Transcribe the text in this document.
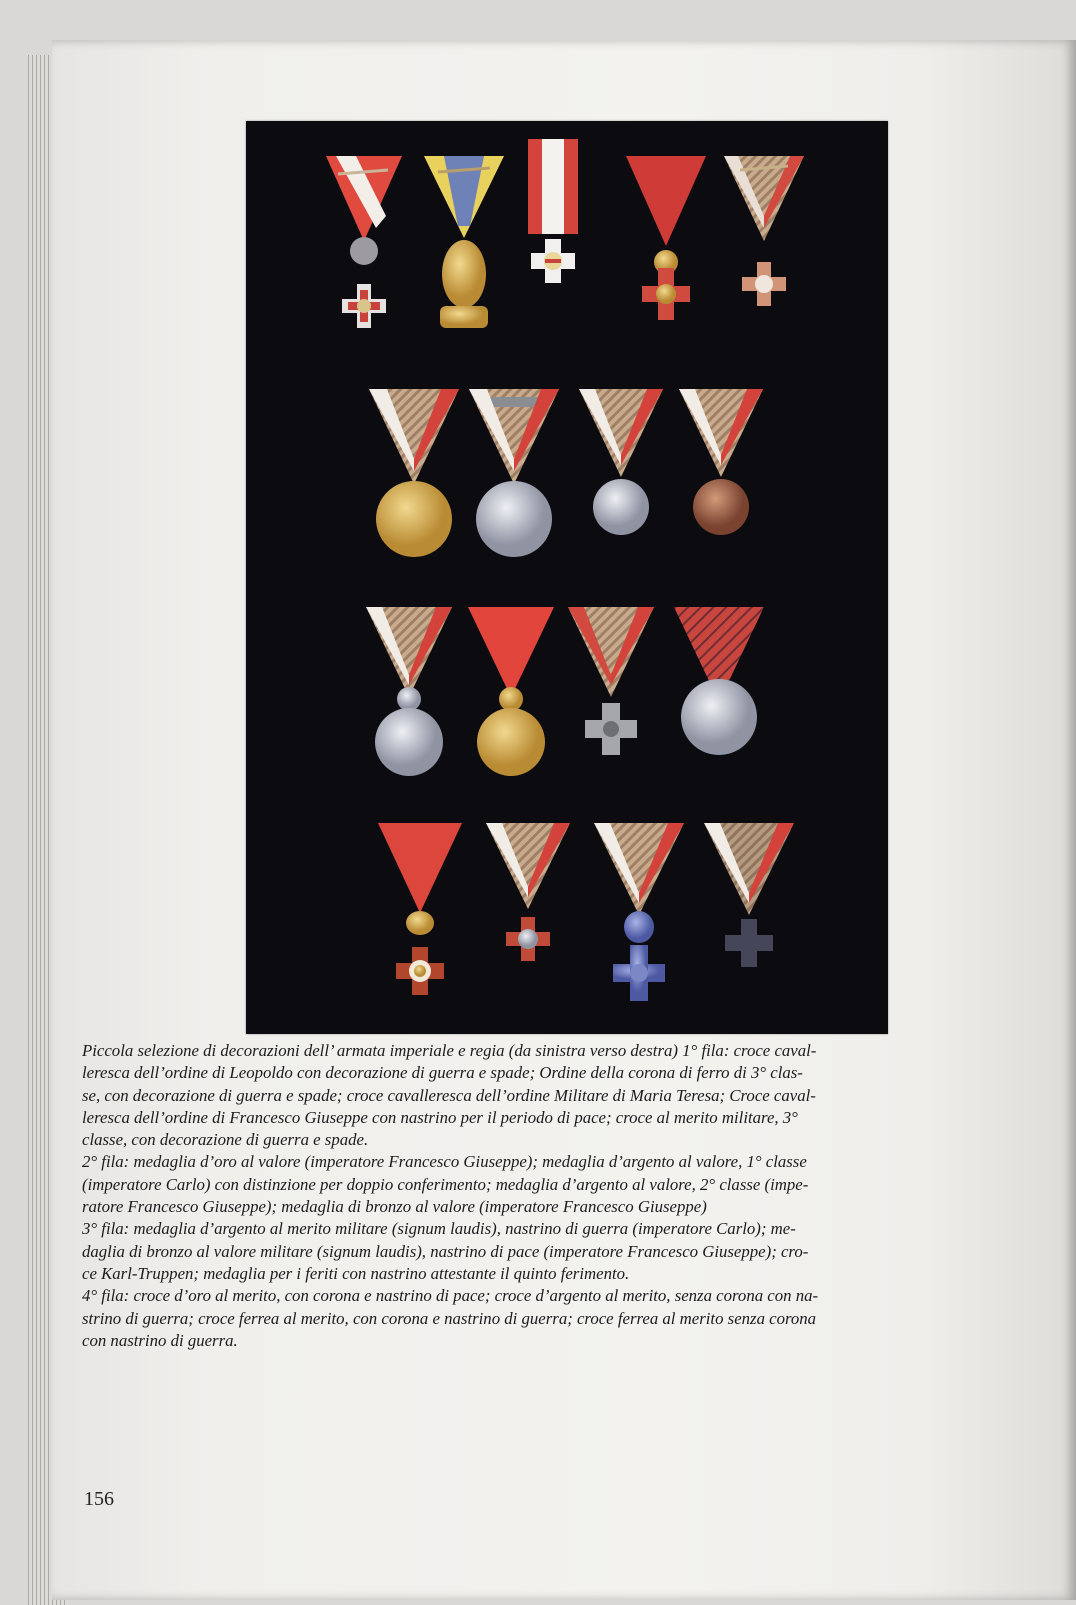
Piccola selezione di decorazioni dell’ armata imperiale e regia (da sinistra verso destra) 1° fila: croce caval-

leresca dell’ordine di Leopoldo con decorazione di guerra e spade; Ordine della corona di ferro di 3° clas-

se, con decorazione di guerra e spade; croce cavalleresca dell’ordine Militare di Maria Teresa; Croce caval-

leresca dell’ordine di Francesco Giuseppe con nastrino per il periodo di pace; croce al merito militare, 3°

classe, con decorazione di guerra e spade.

2° fila: medaglia d’oro al valore (imperatore Francesco Giuseppe); medaglia d’argento al valore, 1° classe

(imperatore Carlo) con distinzione per doppio conferimento; medaglia d’argento al valore, 2° classe (impe-

ratore Francesco Giuseppe); medaglia di bronzo al valore (imperatore Francesco Giuseppe)

3° fila: medaglia d’argento al merito militare (signum laudis), nastrino di guerra (imperatore Carlo); me-

daglia di bronzo al valore militare (signum laudis), nastrino di pace (imperatore Francesco Giuseppe); cro-

ce Karl-Truppen; medaglia per i feriti con nastrino attestante il quinto ferimento.

4° fila: croce d’oro al merito, con corona e nastrino di pace; croce d’argento al merito, senza corona con na-

strino di guerra; croce ferrea al merito, con corona e nastrino di guerra; croce ferrea al merito senza corona

con nastrino di guerra.

156
